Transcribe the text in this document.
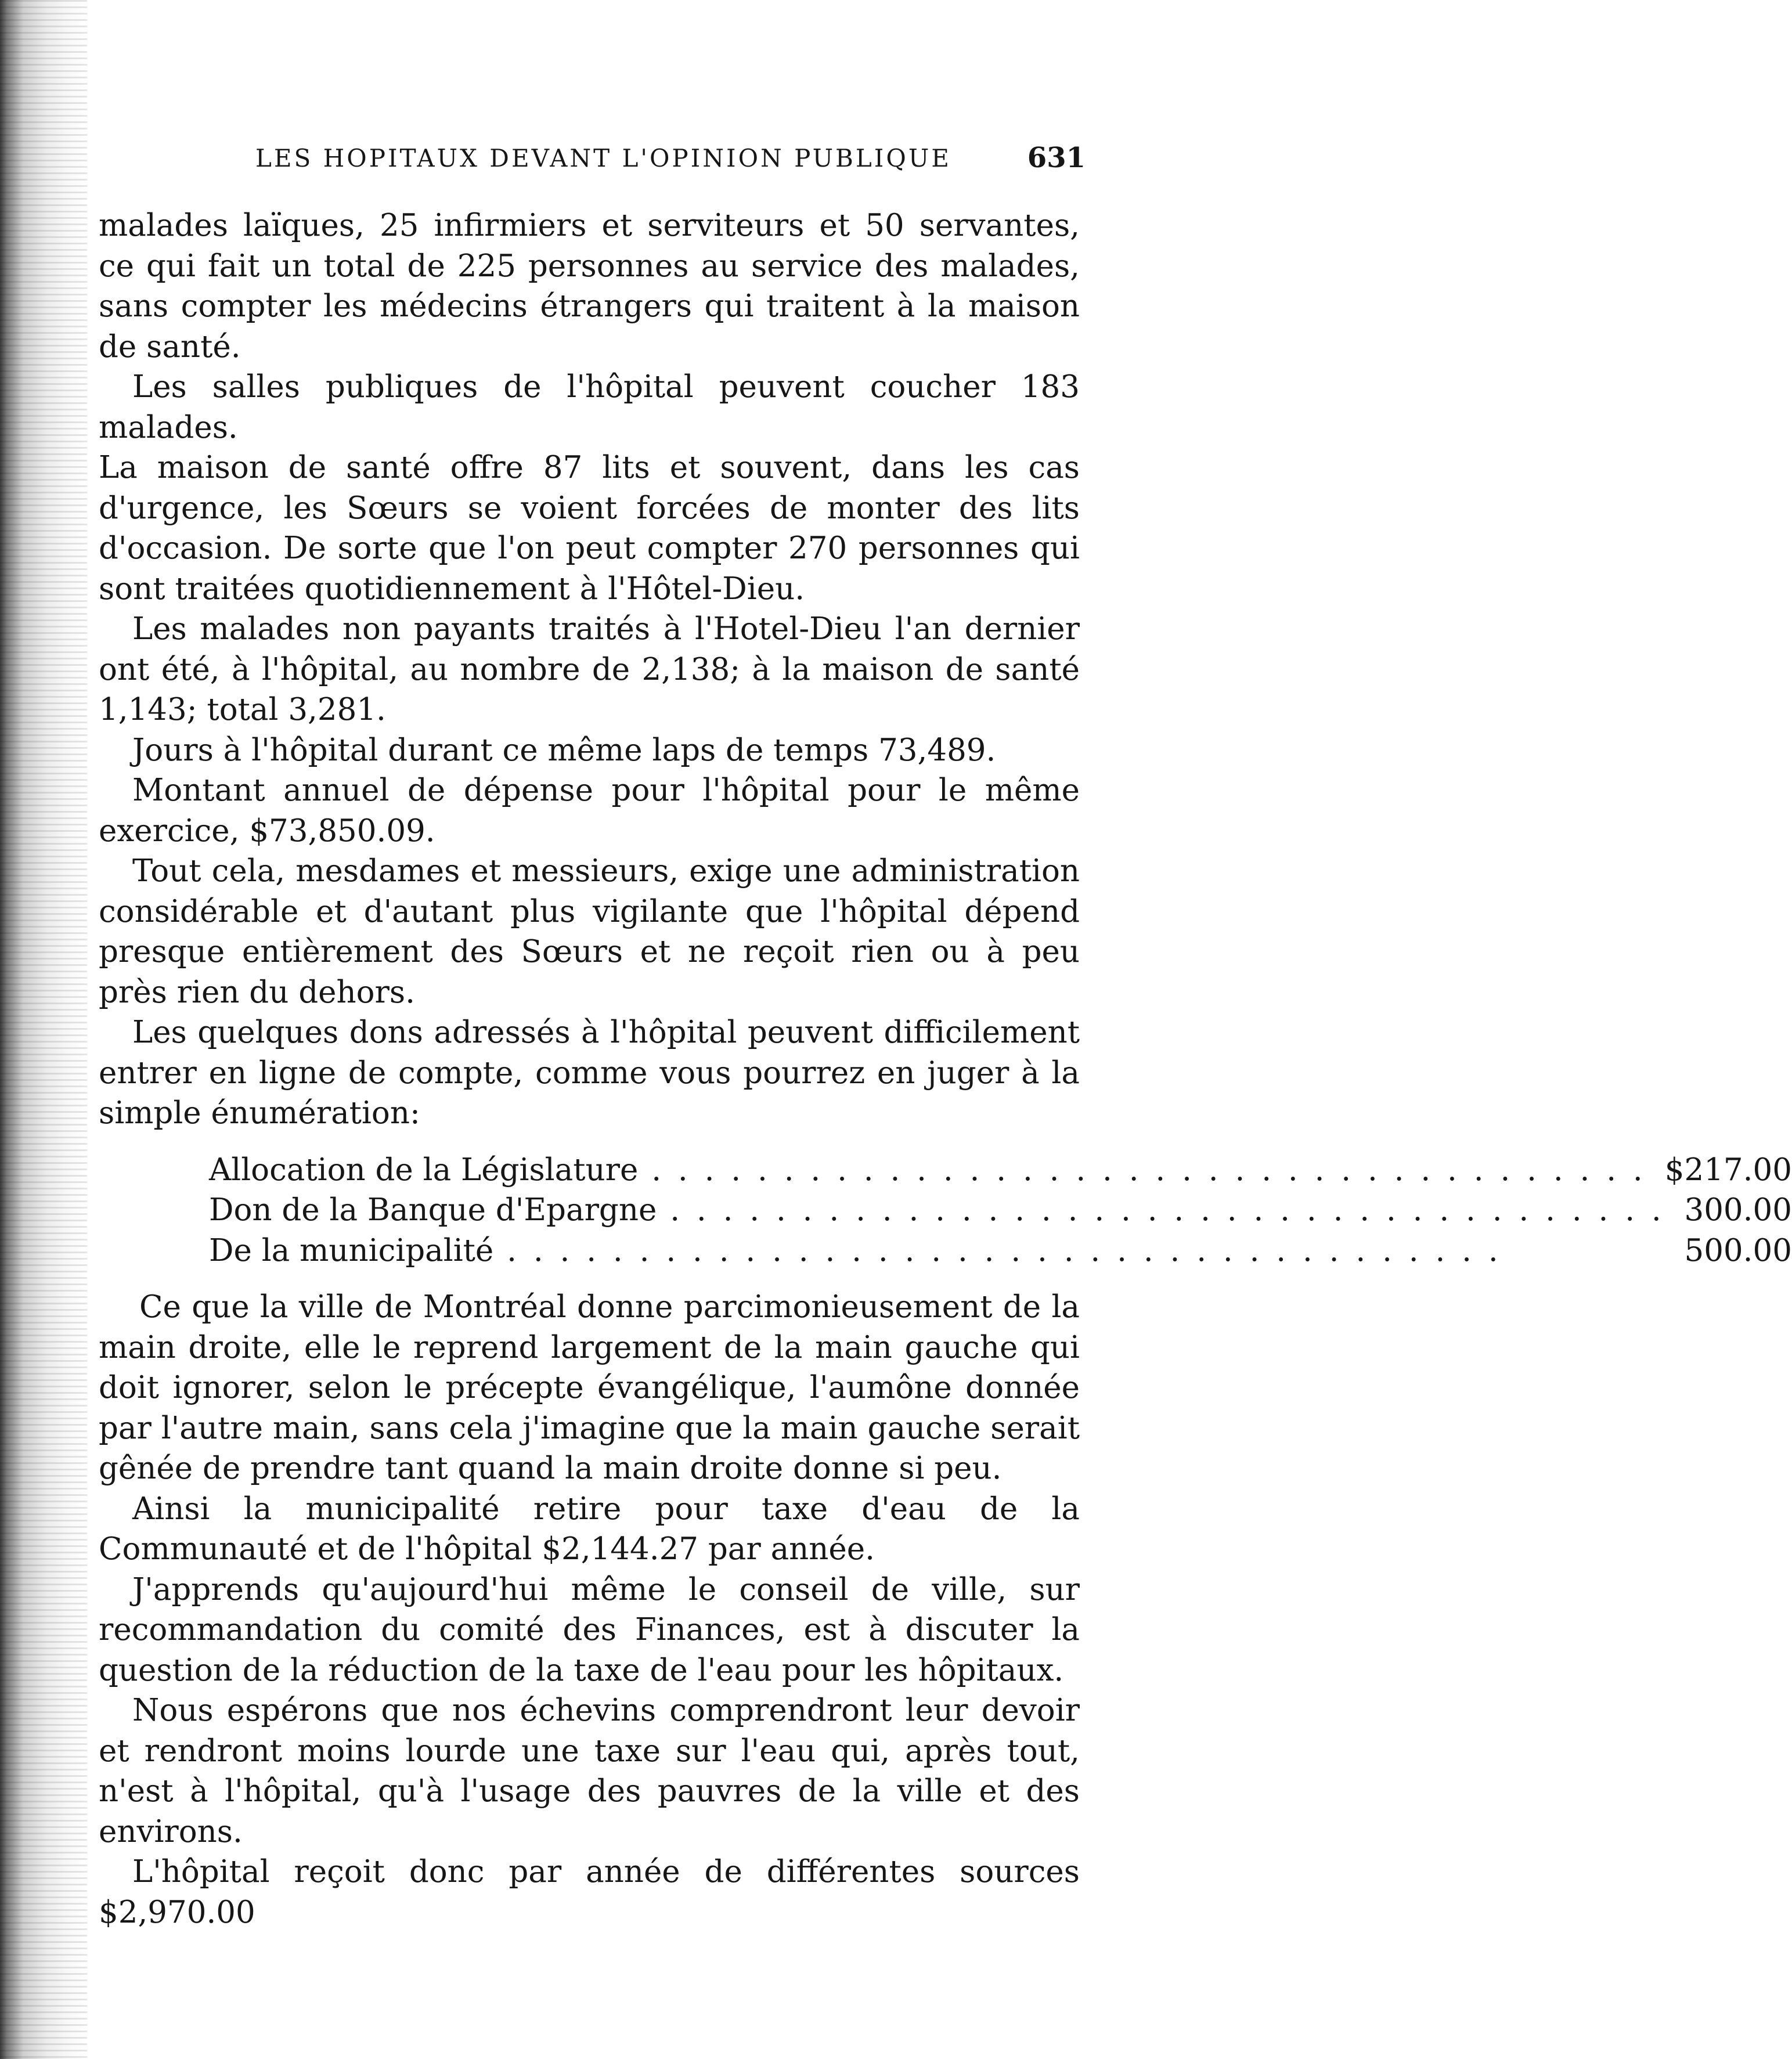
LES HOPITAUX DEVANT L'OPINION PUBLIQUE	631

malades laïques, 25 infirmiers et serviteurs et 50 servantes, ce qui fait un total de 225 personnes au service des malades, sans compter les médecins étrangers qui traitent à la maison de santé.

Les salles publiques de l'hôpital peuvent coucher 183 malades.

La maison de santé offre 87 lits et souvent, dans les cas d'urgence, les Sœurs se voient forcées de monter des lits d'occasion. De sorte que l'on peut compter 270 personnes qui sont traitées quotidiennement à l'Hôtel-Dieu.

Les malades non payants traités à l'Hotel-Dieu l'an dernier ont été, à l'hôpital, au nombre de 2,138; à la maison de santé 1,143; total 3,281.

Jours à l'hôpital durant ce même laps de temps 73,489.

Montant annuel de dépense pour l'hôpital pour le même exercice, $73,850.09.

Tout cela, mesdames et messieurs, exige une administration considérable et d'autant plus vigilante que l'hôpital dépend presque entièrement des Sœurs et ne reçoit rien ou à peu près rien du dehors.

Les quelques dons adressés à l'hôpital peuvent difficilement entrer en ligne de compte, comme vous pourrez en juger à la simple énumération:

Allocation de la Législature . . .	$217.00
Don de la Banque d'Epargne . . .	300.00
De la municipalité . . .	500.00

Ce que la ville de Montréal donne parcimonieusement de la main droite, elle le reprend largement de la main gauche qui doit ignorer, selon le précepte évangélique, l'aumône donnée par l'autre main, sans cela j'imagine que la main gauche serait gênée de prendre tant quand la main droite donne si peu.

Ainsi la municipalité retire pour taxe d'eau de la Communauté et de l'hôpital $2,144.27 par année.

J'apprends qu'aujourd'hui même le conseil de ville, sur recommandation du comité des Finances, est à discuter la question de la réduction de la taxe de l'eau pour les hôpitaux.

Nous espérons que nos échevins comprendront leur devoir et rendront moins lourde une taxe sur l'eau qui, après tout, n'est à l'hôpital, qu'à l'usage des pauvres de la ville et des environs.

L'hôpital reçoit donc par année de différentes sources $2,970.00
